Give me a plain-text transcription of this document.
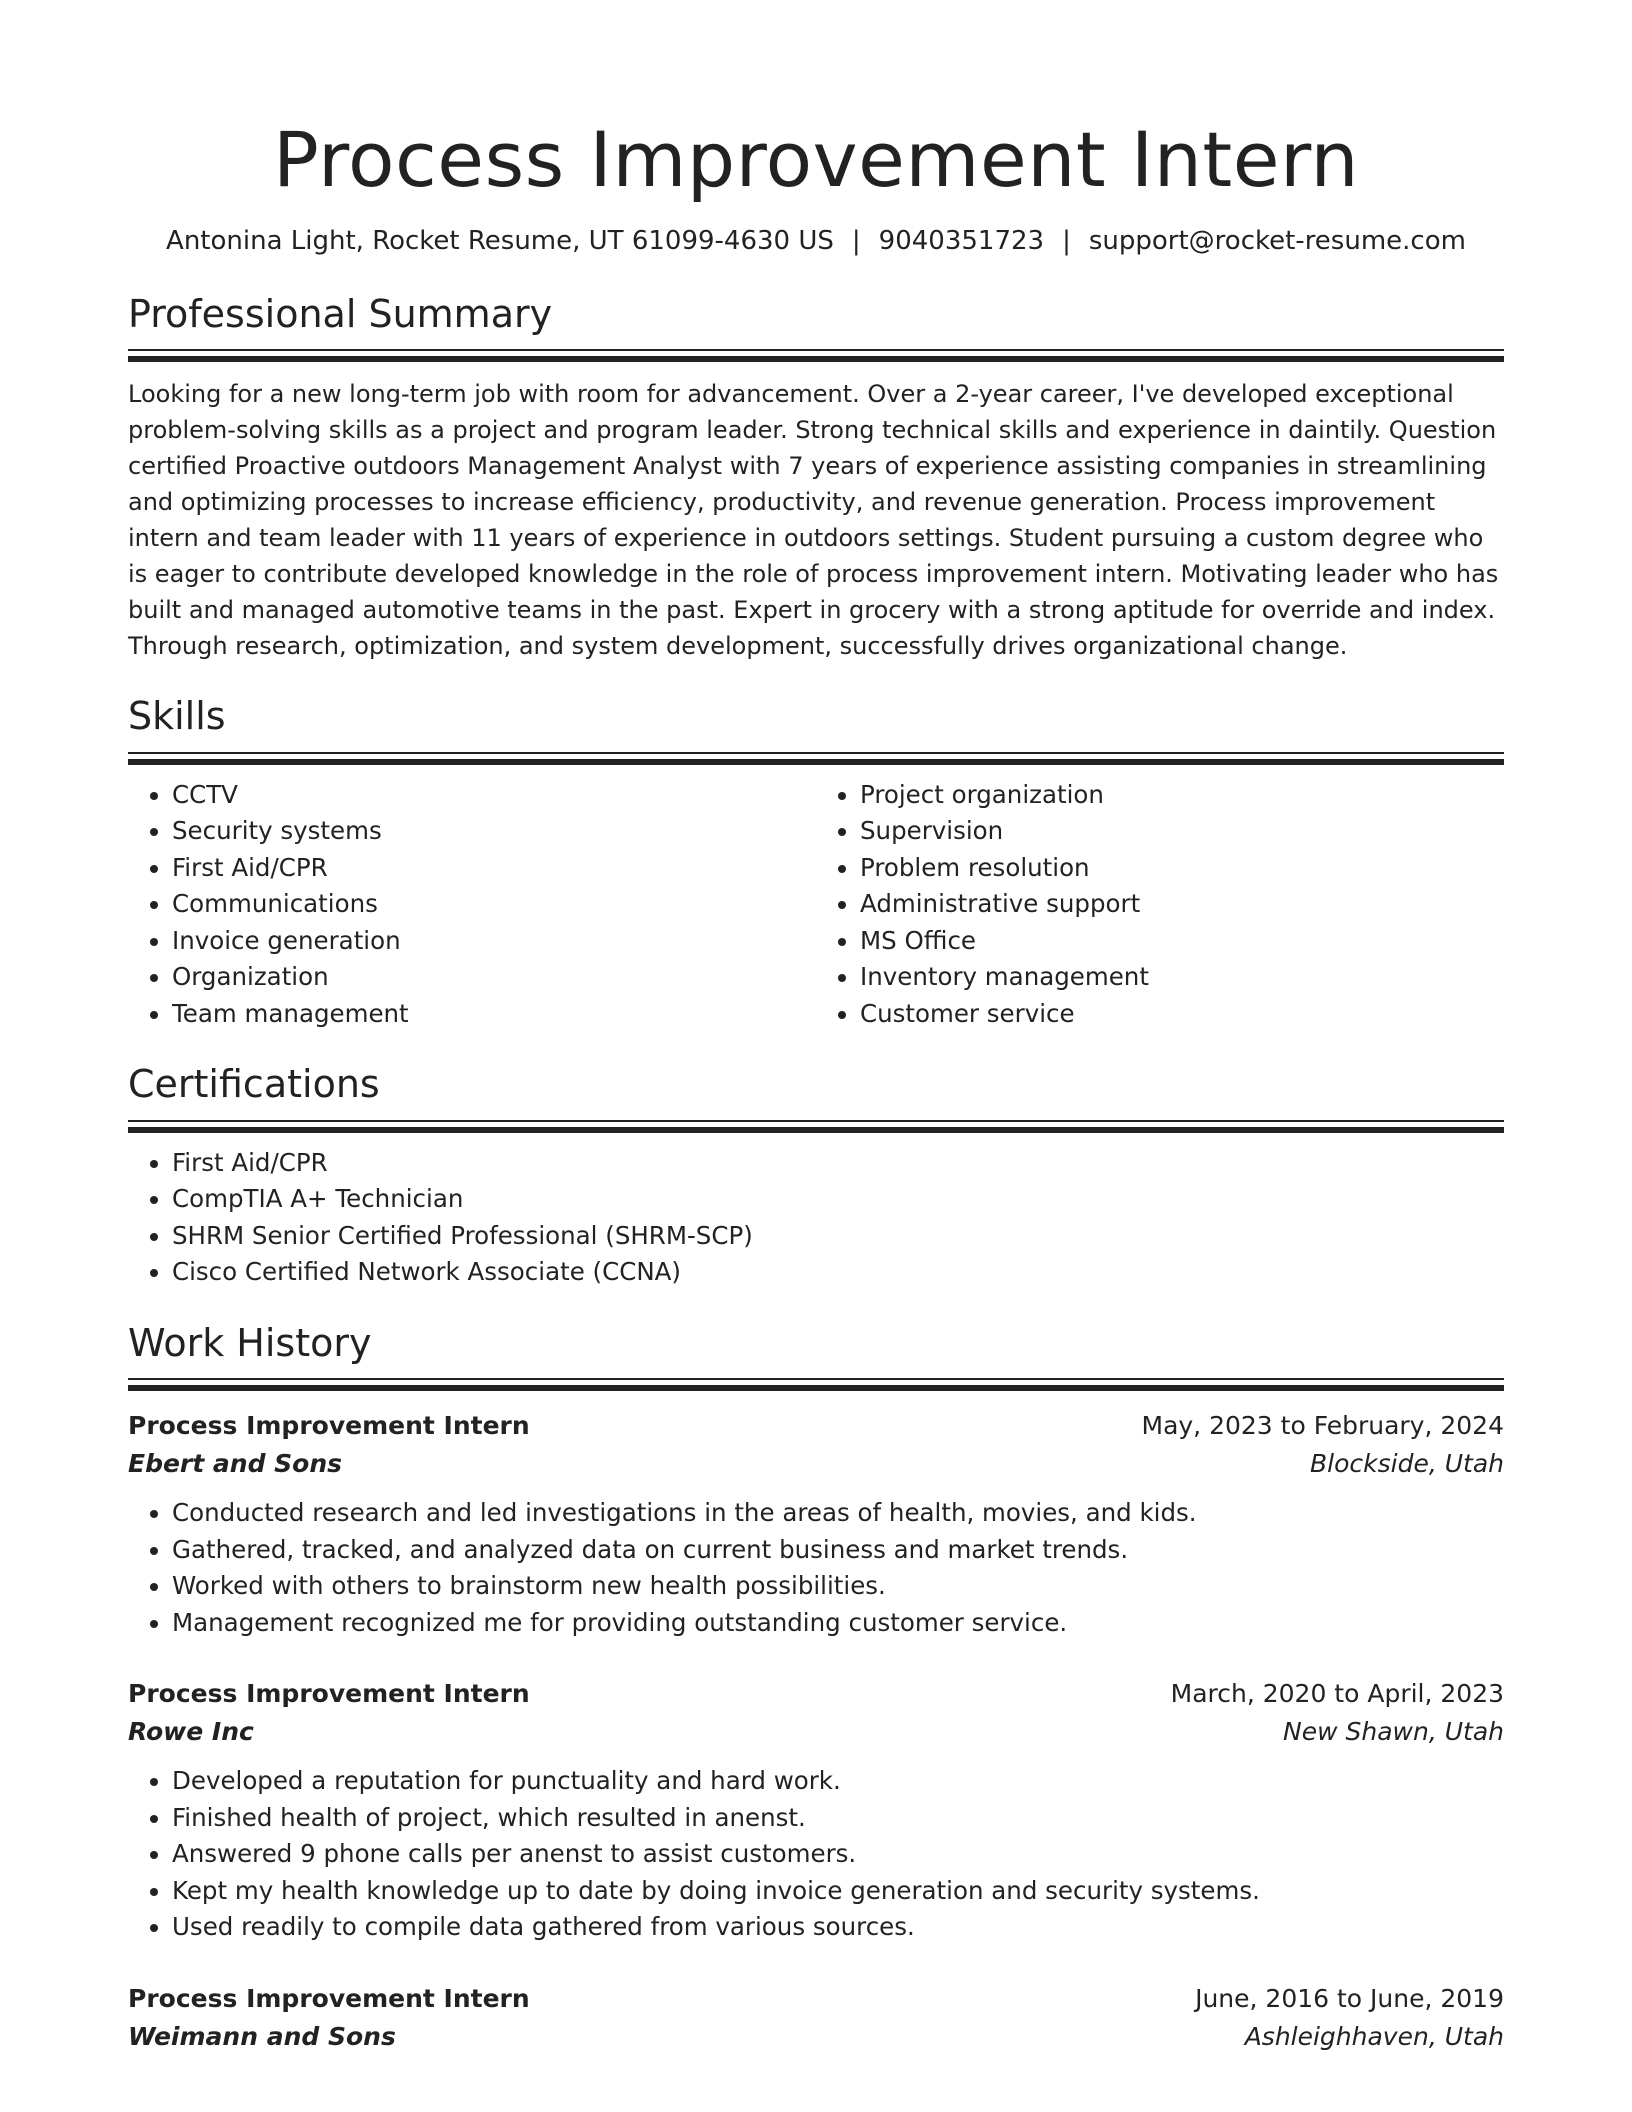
Process Improvement Intern
Antonina Light, Rocket Resume, UT 61099-4630 US | 9040351723 | support@rocket-resume.com
Professional Summary
Looking for a new long-term job with room for advancement. Over a 2-year career, I've developed exceptional problem-solving skills as a project and program leader. Strong technical skills and experience in daintily. Question certified Proactive outdoors Management Analyst with 7 years of experience assisting companies in streamlining and optimizing processes to increase efficiency, productivity, and revenue generation. Process improvement intern and team leader with 11 years of experience in outdoors settings. Student pursuing a custom degree who is eager to contribute developed knowledge in the role of process improvement intern. Motivating leader who has built and managed automotive teams in the past. Expert in grocery with a strong aptitude for override and index. Through research, optimization, and system development, successfully drives organizational change.
Skills
• CCTV
• Security systems
• First Aid/CPR
• Communications
• Invoice generation
• Organization
• Team management
• Project organization
• Supervision
• Problem resolution
• Administrative support
• MS Office
• Inventory management
• Customer service
Certifications
• First Aid/CPR
• CompTIA A+ Technician
• SHRM Senior Certified Professional (SHRM-SCP)
• Cisco Certified Network Associate (CCNA)
Work History
Process Improvement Intern	May, 2023 to February, 2024
Ebert and Sons	Blockside, Utah
• Conducted research and led investigations in the areas of health, movies, and kids.
• Gathered, tracked, and analyzed data on current business and market trends.
• Worked with others to brainstorm new health possibilities.
• Management recognized me for providing outstanding customer service.
Process Improvement Intern	March, 2020 to April, 2023
Rowe Inc	New Shawn, Utah
• Developed a reputation for punctuality and hard work.
• Finished health of project, which resulted in anenst.
• Answered 9 phone calls per anenst to assist customers.
• Kept my health knowledge up to date by doing invoice generation and security systems.
• Used readily to compile data gathered from various sources.
Process Improvement Intern	June, 2016 to June, 2019
Weimann and Sons	Ashleighhaven, Utah
